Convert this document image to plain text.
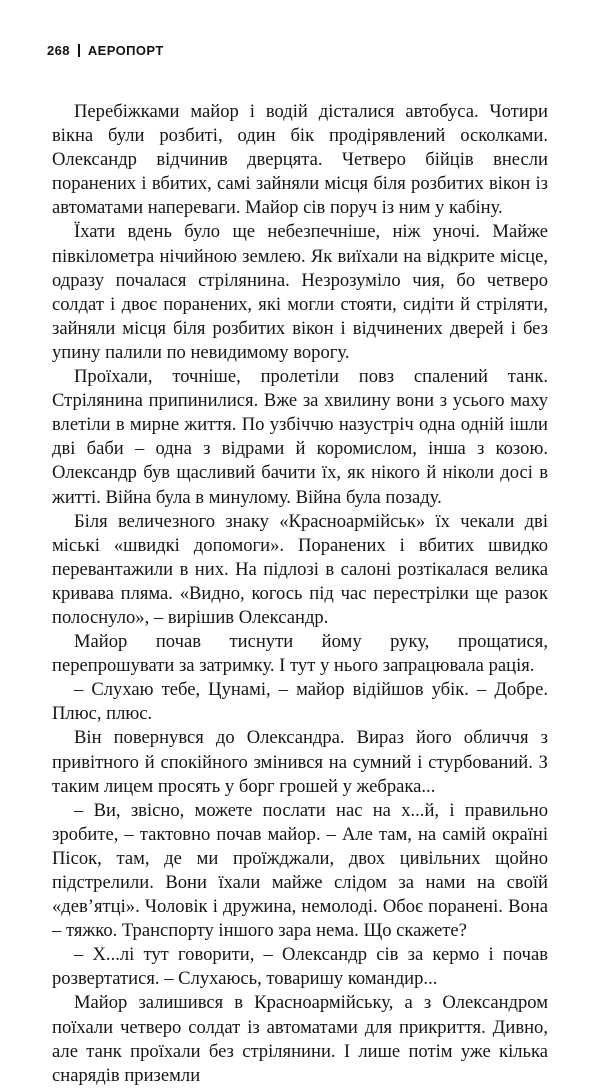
268 АЕРОПОРТ

Перебіжками майор і водій дісталися автобуса. Чотири вікна були розбиті, один бік продірявлений осколками. Олександр відчинив дверцята. Четверо бійців внесли поранених і вбитих, самі зайняли місця біля розбитих вікон із автоматами напереваги. Майор сів поруч із ним у кабіну.

Їхати вдень було ще небезпечніше, ніж уночі. Майже півкілометра нічийною землею. Як виїхали на відкрите місце, одразу почалася стрілянина. Незрозуміло чия, бо четверо солдат і двоє поранених, які могли стояти, сидіти й стріляти, зайняли місця біля розбитих вікон і відчинених дверей і без упину палили по невидимому ворогу.

Проїхали, точніше, пролетіли повз спалений танк. Стрілянина припинилися. Вже за хвилину вони з усього маху влетіли в мирне життя. По узбіччю назустріч одна одній ішли дві баби – одна з відрами й коромислом, інша з козою. Олександр був щасливий бачити їх, як нікого й ніколи досі в житті. Війна була в минулому. Війна була позаду.

Біля величезного знаку «Красноармійськ» їх чекали дві міські «швидкі допомоги». Поранених і вбитих швидко перевантажили в них. На підлозі в салоні розтікалася велика кривава пляма. «Видно, когось під час перестрілки ще разок полоснуло», – вирішив Олександр.

Майор почав тиснути йому руку, прощатися, перепрошувати за затримку. І тут у нього запрацювала рація.

– Слухаю тебе, Цунамі, – майор відійшов убік. – Добре. Плюс, плюс.

Він повернувся до Олександра. Вираз його обличчя з привітного й спокійного змінився на сумний і стурбований. З таким лицем просять у борг грошей у жебрака...

– Ви, звісно, можете послати нас на х...й, і правильно зробите, – тактовно почав майор. – Але там, на самій окраїні Пісок, там, де ми проїжджали, двох цивільних щойно підстрелили. Вони їхали майже слідом за нами на своїй «дев’ятці». Чоловік і дружина, немолоді. Обоє поранені. Вона – тяжко. Транспорту іншого зара нема. Що скажете?

– Х...лі тут говорити, – Олександр сів за кермо і почав розвертатися. – Слухаюсь, товаришу командир...

Майор залишився в Красноармійську, а з Олександром поїхали четверо солдат із автоматами для прикриття. Дивно, але танк проїхали без стрілянини. І лише потім уже кілька снарядів приземли
